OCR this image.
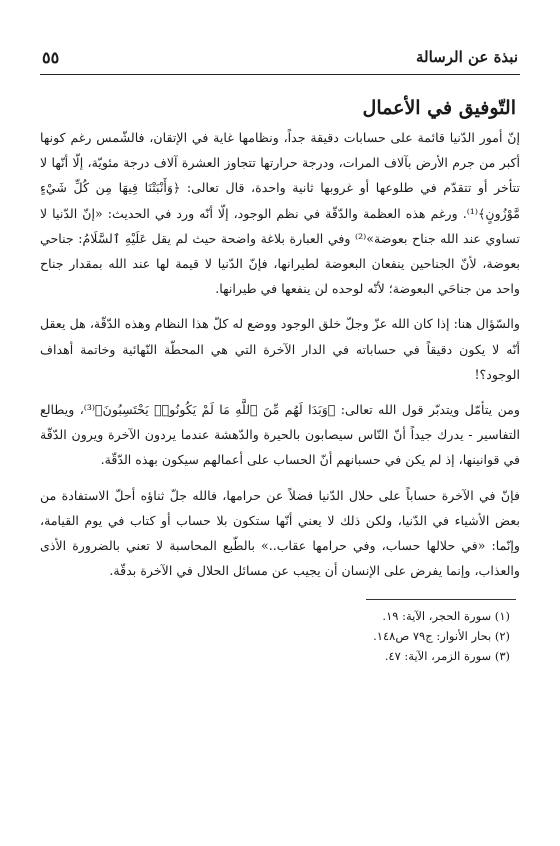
نبذة عن الرسالة
٥٥
التّوفيق في الأعمال

إنّ أمور الدّنيا قائمة على حسابات دقيقة جداً، ونظامها غاية في الإتقان، فالشّمس رغم كونها أكبر من جرم الأرض بآلاف المرات، ودرجة حرارتها تتجاوز العشرة آلاف درجة مئويّة، إلّا أنّها لا تتأخر أو تتقدّم في طلوعها أو غروبها ثانية واحدة، قال تعالى: ﴿وَأَنْبَتْنَا فِيهَا مِن كُلِّ شَيْءٍ مَّوْزُونٍ﴾⁽¹⁾. ورغم هذه العظمة والدّقّة في نظم الوجود، إلّا أنّه ورد في الحديث: «إنّ الدّنيا لا تساوي عند الله جناح بعوضة»⁽²⁾ وفي العبارة بلاغة واضحة حيث لم يقل عَلَيْهِ ٱلسَّلَامُ: جناحي بعوضة، لأنّ الجناحين ينفعان البعوضة لطيرانها، فإنّ الدّنيا لا قيمة لها عند الله بمقدار جناح واحد من جناحَي البعوضة؛ لأنّه لوحده لن ينفعها في طيرانها.

والسّؤال هنا: إذا كان الله عزّ وجلّ خلق الوجود ووضع له كلّ هذا النظام وهذه الدّقّة، هل يعقل أنّه لا يكون دقيقاً في حساباته في الدار الآخرة التي هي المحطّة النّهائية وخاتمة أهداف الوجود؟!

ومن يتأمّل ويتدبّر قول الله تعالى: ﴿وَبَدَا لَهُم مِّنَ ٱللَّهِ مَا لَمْ يَكُونُوا۟ يَحْتَسِبُونَ﴾⁽³⁾، ويطالع التفاسير - يدرك جيداً أنّ النّاس سيصابون بالحيرة والدّهشة عندما يردون الآخرة ويرون الدّقّة في قوانينها، إذ لم يكن في حسبانهم أنّ الحساب على أعمالهم سيكون بهذه الدّقّة.

فإنّ في الآخرة حساباً على حلال الدّنيا فضلاً عن حرامها، فالله جلّ ثناؤه أحلّ الاستفادة من بعض الأشياء في الدّنيا، ولكن ذلك لا يعني أنّها ستكون بلا حساب أو كتاب في يوم القيامة، وإنّما: «في حلالها حساب، وفي حرامها عقاب..» بالطّبع المحاسبة لا تعني بالضرورة الأذى والعذاب، وإنما يفرض على الإنسان أن يجيب عن مسائل الحلال في الآخرة بدقّة.

(١) سورة الحجر، الآية: ١٩.
(٢) بحار الأنوار: ج٧٩ ص١٤٨.
(٣) سورة الزمر، الآية: ٤٧.
